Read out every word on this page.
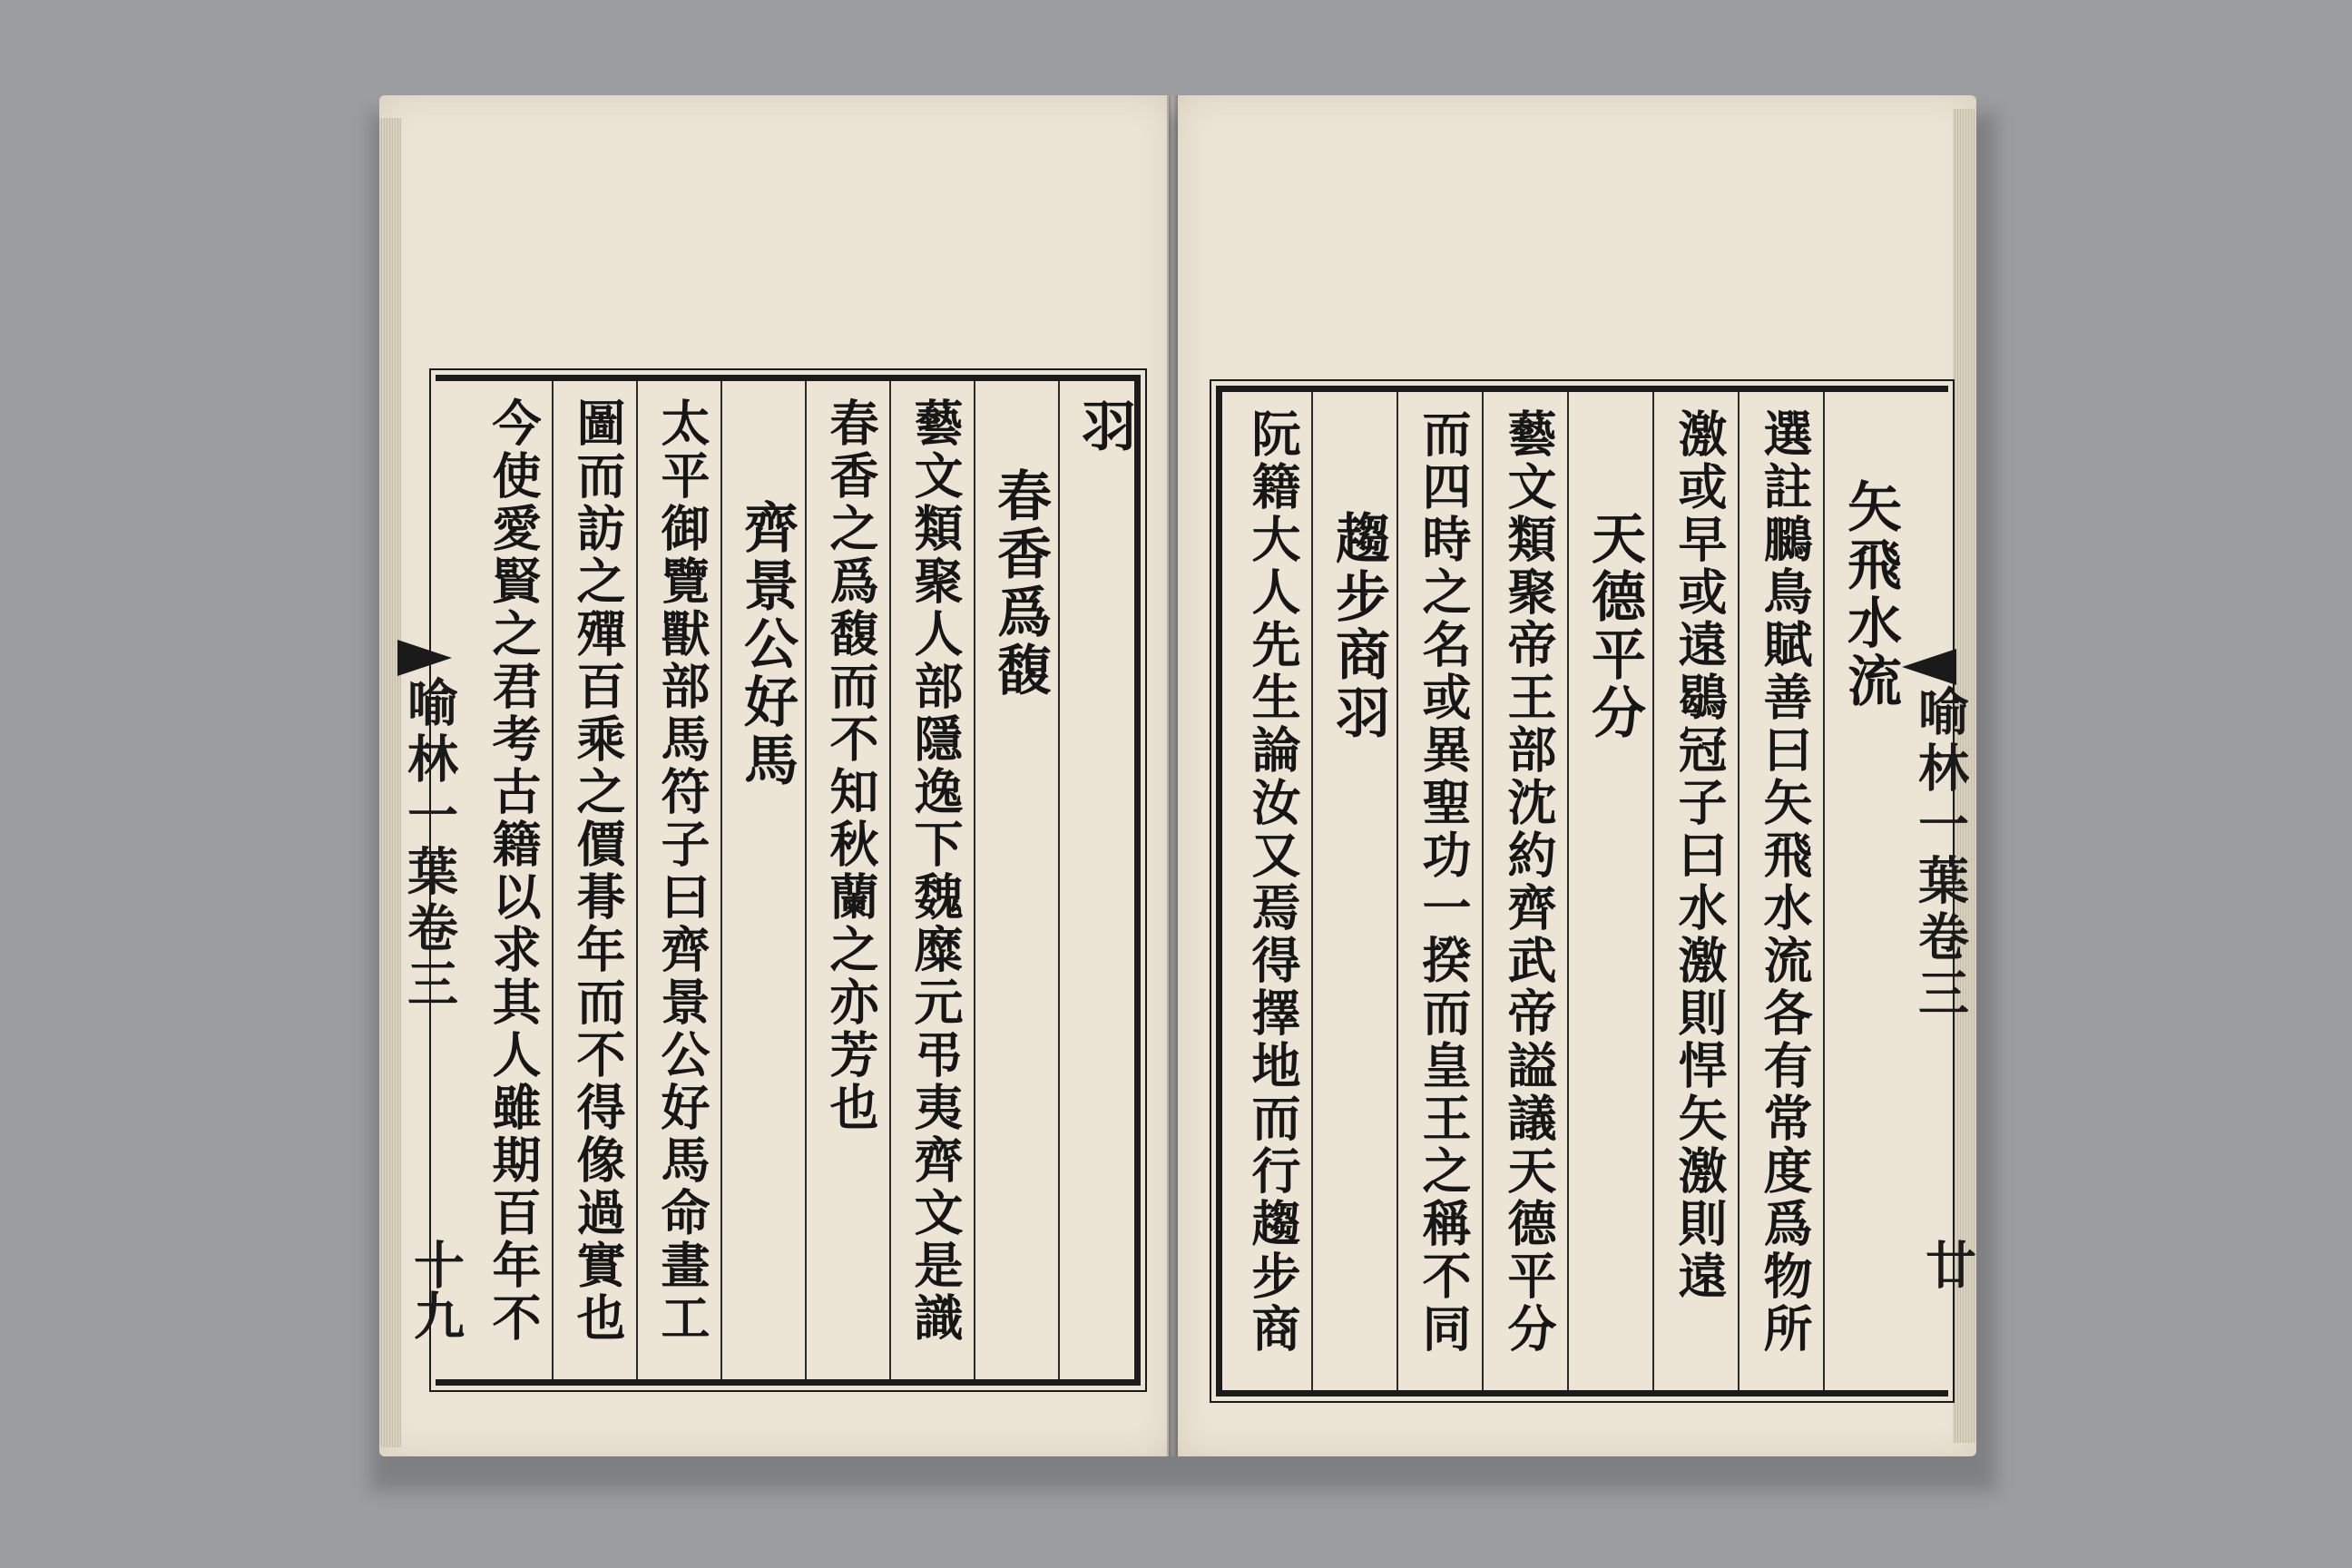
羽
春香爲馥
藝文類聚人部隱逸下魏糜元弔夷齊文是識
春香之爲馥而不知秋蘭之亦芳也
齊景公好馬
太平御覽獸部馬符子曰齊景公好馬命畫工
圖而訪之殫百乘之價朞年而不得像過實也
今使愛賢之君考古籍以求其人雖期百年不
喻林一葉卷三
十九
矢飛水流
選註鵩鳥賦善曰矢飛水流各有常度爲物所
激或早或遠鶡冠子曰水激則悍矢激則遠
天德平分
藝文類聚帝王部沈約齊武帝謚議天德平分
而四時之名或異聖功一揆而皇王之稱不同
趨步商羽
阮籍大人先生論汝又焉得擇地而行趨步商	喻林一葉卷三
廿
